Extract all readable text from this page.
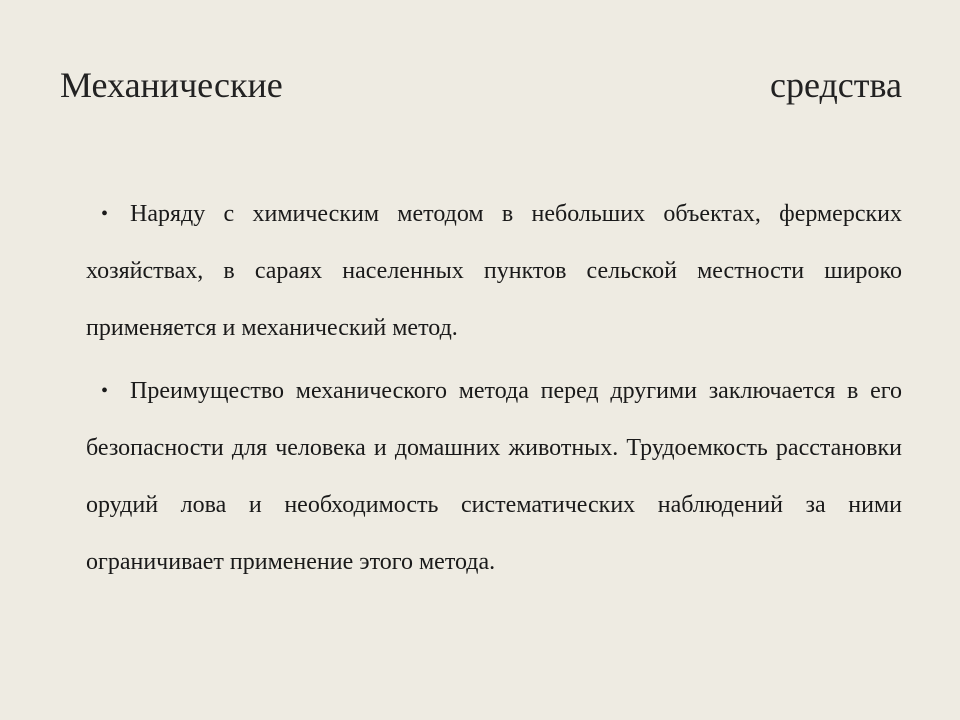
Механические	средства

• Наряду с химическим методом в небольших объектах, фермерских хозяйствах, в сараях населенных пунктов сельской местности широко применяется и механический метод.

• Преимущество механического метода перед другими заключается в его безопасности для человека и домашних животных. Трудоемкость расстановки орудий лова и необходимость систематических наблюдений за ними ограничивает применение этого метода.
